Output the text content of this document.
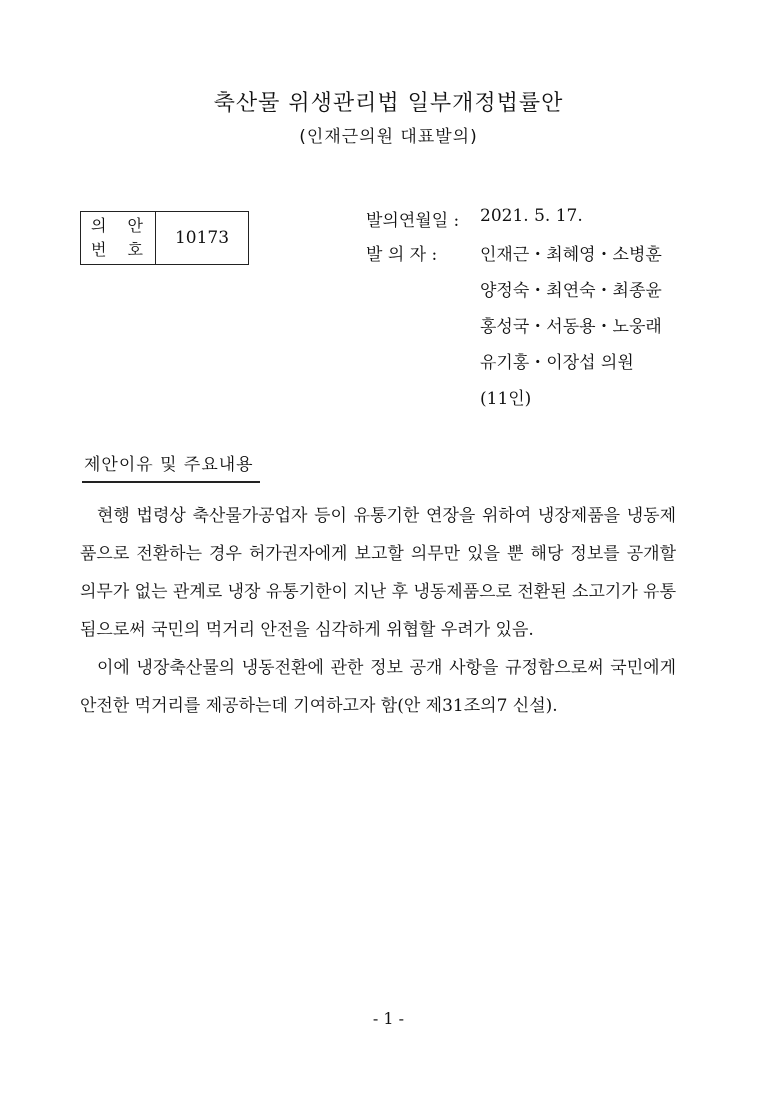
축산물 위생관리법 일부개정법률안
(인재근의원 대표발의)
의 안
번 호
	10173
발의연월일 :	2021. 5. 17.
발 의 자 :	인재근・최혜영・소병훈
양정숙・최연숙・최종윤
홍성국・서동용・노웅래
유기홍・이장섭 의원
(11인)
제안이유 및 주요내용

현행 법령상 축산물가공업자 등이 유통기한 연장을 위하여 냉장제품을 냉동제품으로 전환하는 경우 허가권자에게 보고할 의무만 있을 뿐 해당 정보를 공개할 의무가 없는 관계로 냉장 유통기한이 지난 후 냉동제품으로 전환된 소고기가 유통됨으로써 국민의 먹거리 안전을 심각하게 위협할 우려가 있음.

이에 냉장축산물의 냉동전환에 관한 정보 공개 사항을 규정함으로써 국민에게 안전한 먹거리를 제공하는데 기여하고자 함(안 제31조의7 신설).

- 1 -
